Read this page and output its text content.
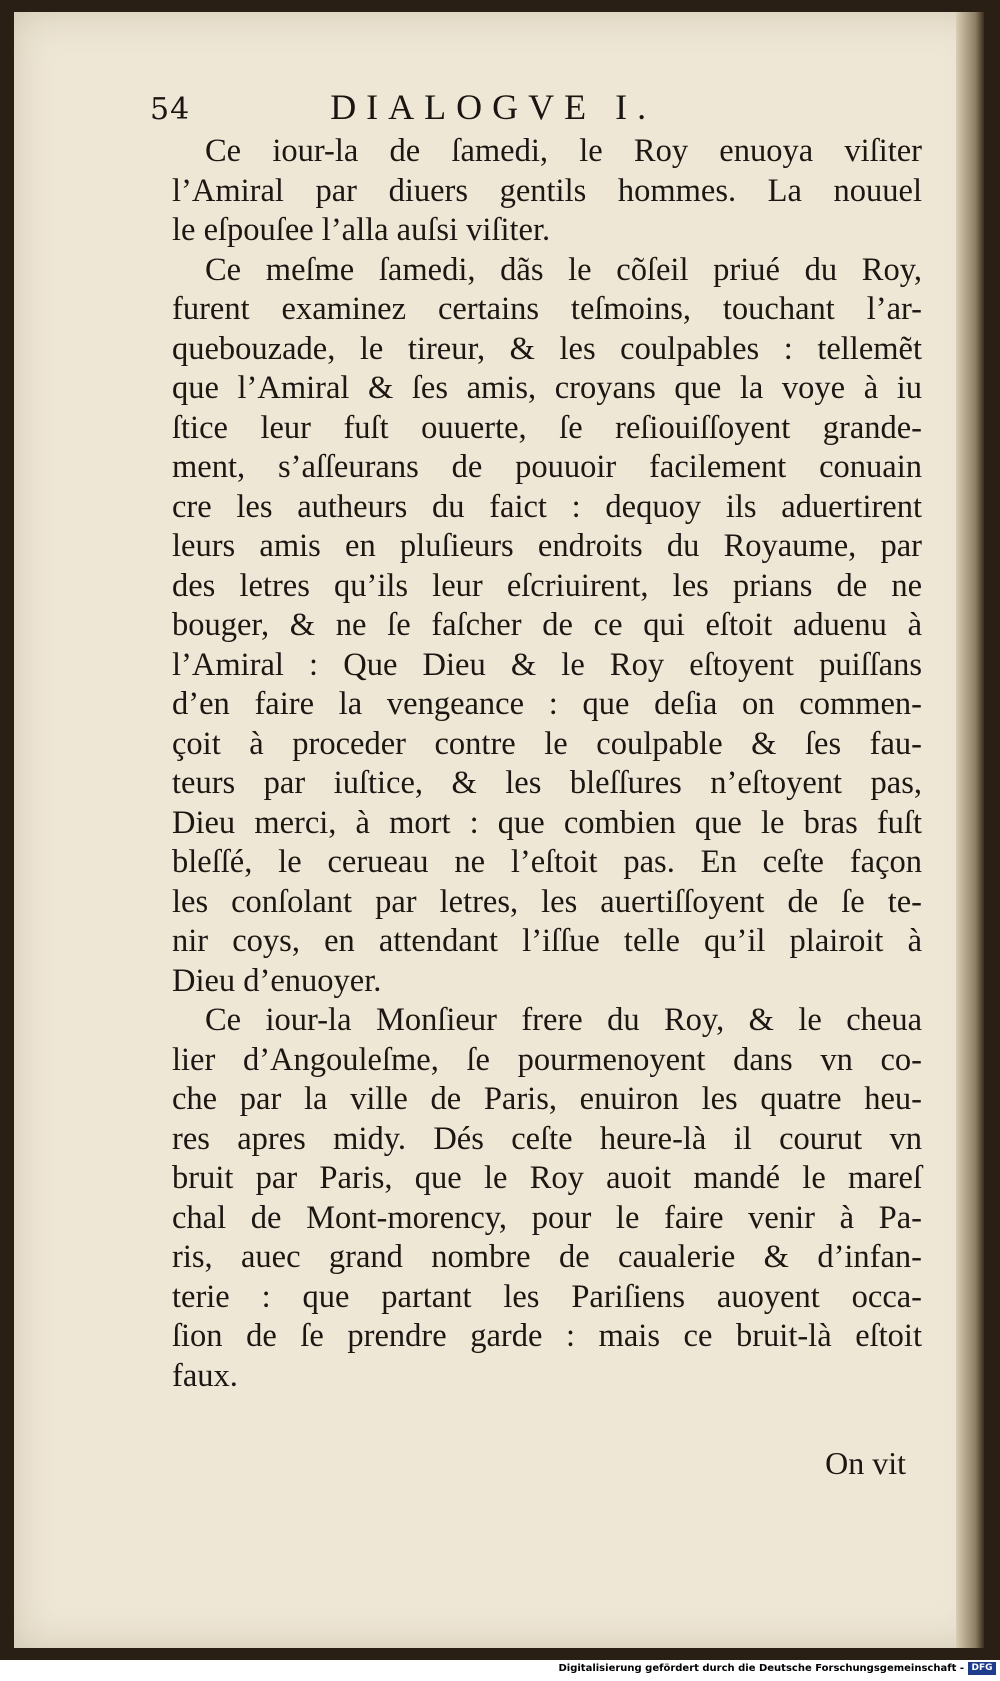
54	DIALOGVE I.
Ce iour-la de ſamedi, le Roy enuoya viſiter
l’Amiral par diuers gentils hommes. La nouuel
le eſpouſee l’alla auſsi viſiter.
Ce meſme ſamedi, dãs le cõſeil priué du Roy,
furent examinez certains teſmoins, touchant l’ar-
quebouzade, le tireur, & les coulpables : tellemẽt
que l’Amiral & ſes amis, croyans que la voye à iu
ſtice leur fuſt ouuerte, ſe reſiouiſſoyent grande-
ment, s’aſſeurans de pouuoir facilement conuain
cre les autheurs du faict : dequoy ils aduertirent
leurs amis en pluſieurs endroits du Royaume, par
des letres qu’ils leur eſcriuirent, les prians de ne
bouger, & ne ſe faſcher de ce qui eſtoit aduenu à
l’Amiral : Que Dieu & le Roy eſtoyent puiſſans
d’en faire la vengeance : que deſia on commen-
çoit à proceder contre le coulpable & ſes fau-
teurs par iuſtice, & les bleſſures n’eſtoyent pas,
Dieu merci, à mort : que combien que le bras fuſt
bleſſé, le cerueau ne l’eſtoit pas. En ceſte façon
les conſolant par letres, les auertiſſoyent de ſe te-
nir coys, en attendant l’iſſue telle qu’il plairoit à
Dieu d’enuoyer.
Ce iour-la Monſieur frere du Roy, & le cheua
lier d’Angouleſme, ſe pourmenoyent dans vn co-
che par la ville de Paris, enuiron les quatre heu-
res apres midy. Dés ceſte heure-là il courut vn
bruit par Paris, que le Roy auoit mandé le mareſ
chal de Mont-morency, pour le faire venir à Pa-
ris, auec grand nombre de caualerie & d’infan-
terie : que partant les Pariſiens auoyent occa-
ſion de ſe prendre garde : mais ce bruit-là eſtoit
faux.
On vit
Digitalisierung gefördert durch die Deutsche Forschungsgemeinschaft - DFG
